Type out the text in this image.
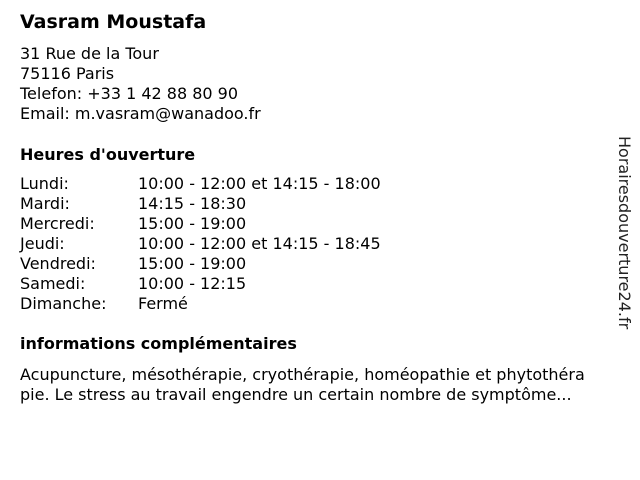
Vasram Moustafa
31 Rue de la Tour
75116 Paris
Telefon: +33 1 42 88 80 90
Email: m.vasram@wanadoo.fr
Heures d'ouverture
Lundi:	10:00 - 12:00 et 14:15 - 18:00
Mardi:	14:15 - 18:30
Mercredi:	15:00 - 19:00
Jeudi:	10:00 - 12:00 et 14:15 - 18:45
Vendredi:	15:00 - 19:00
Samedi:	10:00 - 12:15
Dimanche: Fermé
informations complémentaires
Acupuncture, mésothérapie, cryothérapie, homéopathie et phytothéra
pie. Le stress au travail engendre un certain nombre de symptôme...
Horairesdouverture24.fr
